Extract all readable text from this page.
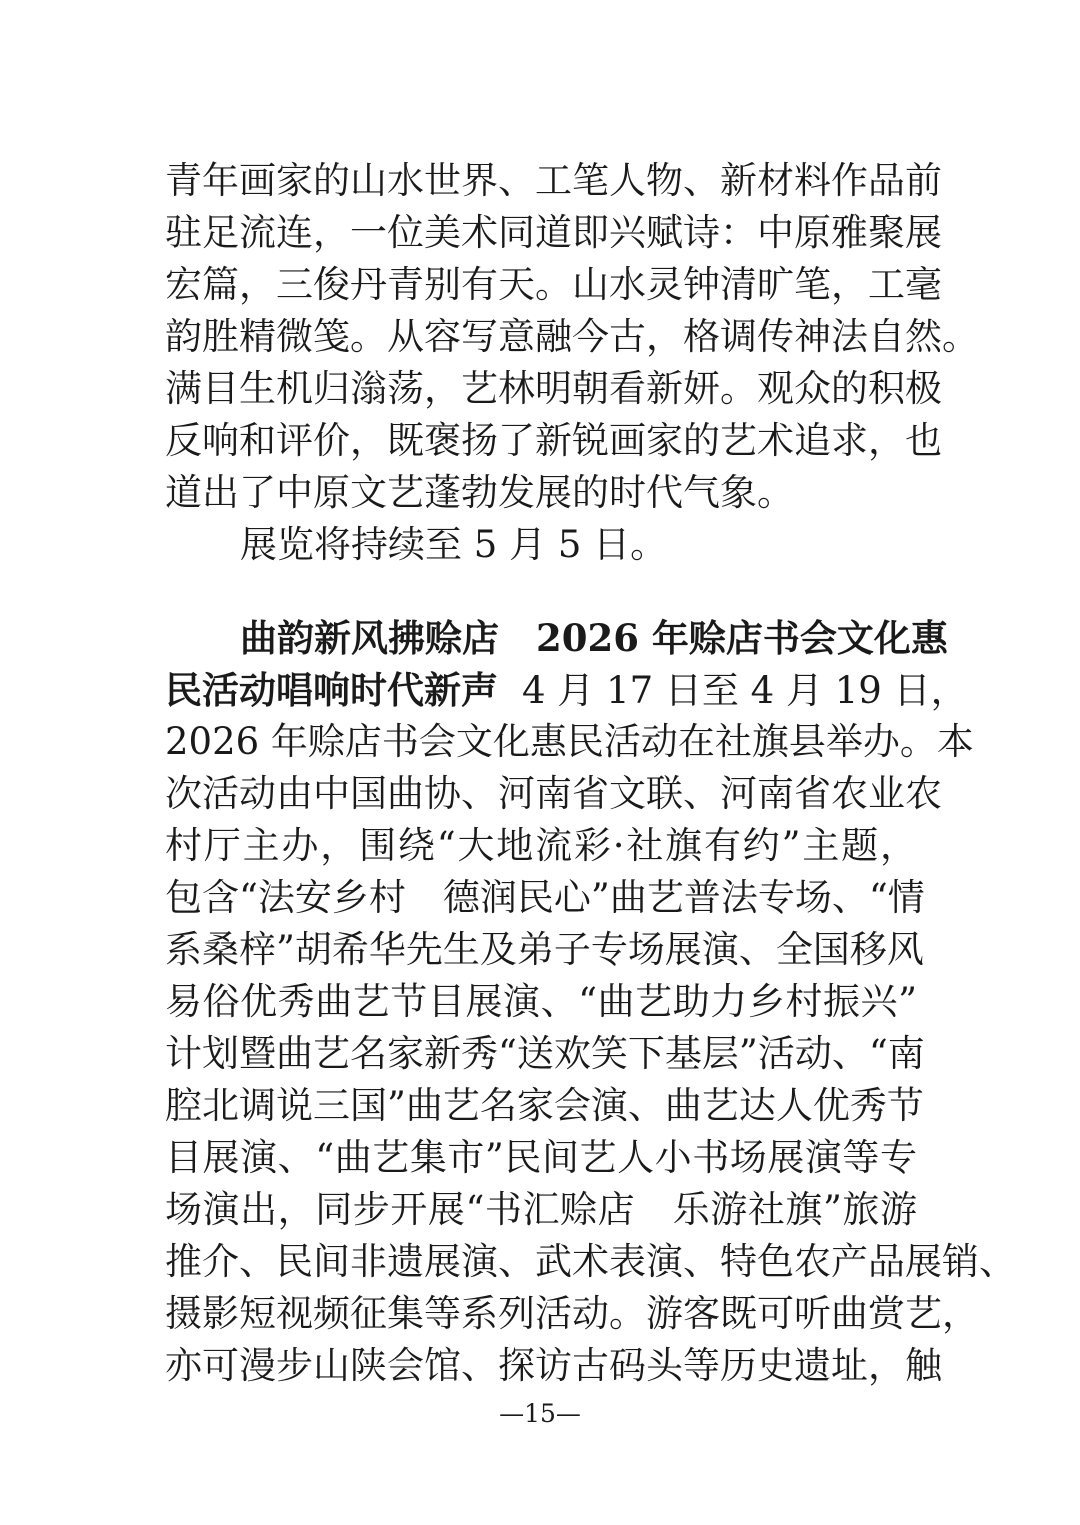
青年画家的山水世界、工笔人物、新材料作品前
驻足流连，一位美术同道即兴赋诗：中原雅聚展
宏篇，三俊丹青别有天。山水灵钟清旷笔，工毫
韵胜精微笺。从容写意融今古，格调传神法自然。
满目生机归滃荡，艺林明朝看新妍。观众的积极
反响和评价，既褒扬了新锐画家的艺术追求，也
道出了中原文艺蓬勃发展的时代气象。
展览将持续至 5 月 5 日。
曲韵新风拂赊店　2026 年赊店书会文化惠
民活动唱响时代新声 4 月 17 日至 4 月 19 日，
2026 年赊店书会文化惠民活动在社旗县举办。本
次活动由中国曲协、河南省文联、河南省农业农
村厅主办，围绕“大地流彩·社旗有约”主题，
包含“法安乡村　德润民心”曲艺普法专场、“情
系桑梓”胡希华先生及弟子专场展演、全国移风
易俗优秀曲艺节目展演、“曲艺助力乡村振兴”
计划暨曲艺名家新秀“送欢笑下基层”活动、“南
腔北调说三国”曲艺名家会演、曲艺达人优秀节
目展演、“曲艺集市”民间艺人小书场展演等专
场演出，同步开展“书汇赊店　乐游社旗”旅游
推介、民间非遗展演、武术表演、特色农产品展销、
摄影短视频征集等系列活动。游客既可听曲赏艺，
亦可漫步山陕会馆、探访古码头等历史遗址，触
—15—
